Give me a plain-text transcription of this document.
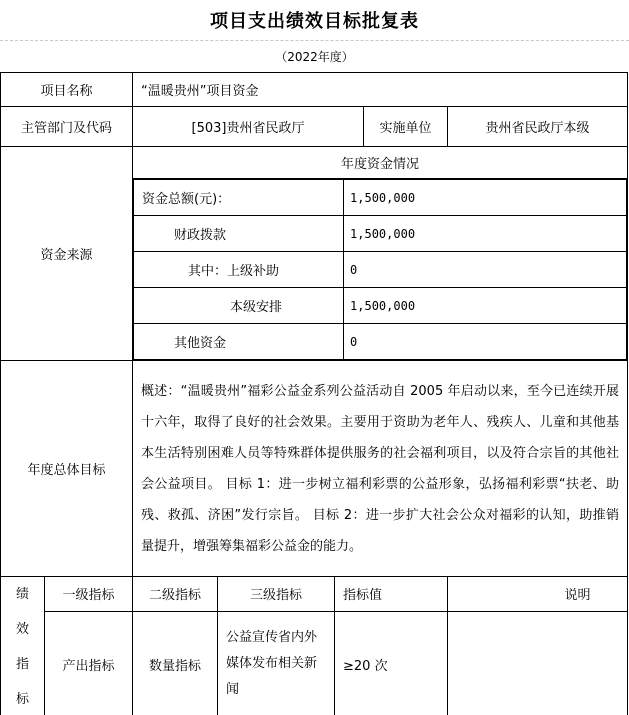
项目支出绩效目标批复表
（2022年度）
项目名称	“温暖贵州”项目资金
主管部门及代码	[503]贵州省民政厅	实施单位	贵州省民政厅本级
资金来源	年度资金情况

资金总额(元)：	1,500,000
财政拨款	1,500,000
其中：上级补助	0
本级安排	1,500,000
其他资金	0

年度总体目标	概述：“温暖贵州”福彩公益金系列公益活动自 2005 年启动以来，至今已连续开展十六年，取得了良好的社会效果。主要用于资助为老年人、残疾人、儿童和其他基本生活特别困难人员等特殊群体提供服务的社会福利项目，以及符合宗旨的其他社会公益项目。 目标 1：进一步树立福利彩票的公益形象，弘扬福利彩票“扶老、助残、救孤、济困”发行宗旨。 目标 2：进一步扩大社会公众对福彩的认知，助推销量提升，增强筹集福彩公益金的能力。

绩
效
指
标
	一级指标	二级指标	三级指标	指标值	说明
产出指标	数量指标	公益宣传省内外媒体发布相关新闻	≥20 次	
